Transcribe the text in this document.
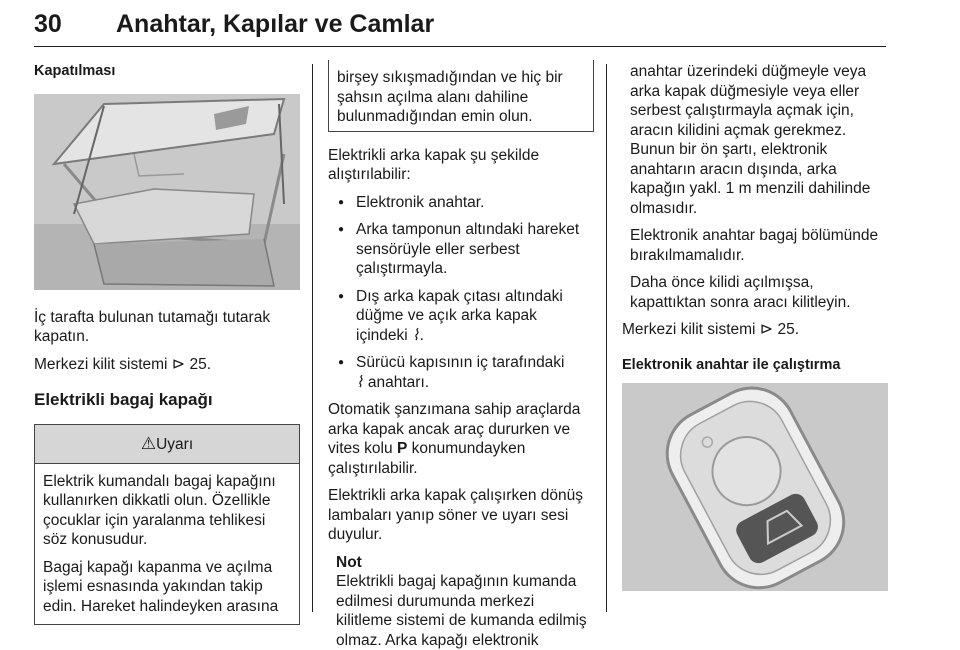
30 Anahtar, Kapılar ve Camlar
Kapatılması

İç tarafta bulunan tutamağı tutarak kapatın.

Merkezi kilit sistemi ⊳ 25.

Elektrikli bagaj kapağı
⚠Uyarı

Elektrik kumandalı bagaj kapağını kullanırken dikkatli olun. Özellikle çocuklar için yaralanma tehlikesi söz konusudur.

Bagaj kapağı kapanma ve açılma işlemi esnasında yakından takip edin. Hareket halindeyken arasına

birşey sıkışmadığından ve hiç bir şahsın açılma alanı dahiline bulunmadığından emin olun.

Elektrikli arka kapak şu şekilde alıştırılabilir:

● Elektronik anahtar.
● Arka tamponun altındaki hareket sensörüyle eller serbest çalıştırmayla.
● Dış arka kapak çıtası altındaki düğme ve açık arka kapak içindeki ⌇.
● Sürücü kapısının iç tarafındaki
⌇ anahtarı.

Otomatik şanzımana sahip araçlarda arka kapak ancak araç dururken ve vites kolu P konumundayken çalıştırılabilir.

Elektrikli arka kapak çalışırken dönüş lambaları yanıp söner ve uyarı sesi duyulur.

Not
Elektrikli bagaj kapağının kumanda edilmesi durumunda merkezi kilitleme sistemi de kumanda edilmiş olmaz. Arka kapağı elektronik

anahtar üzerindeki düğmeyle veya arka kapak düğmesiyle veya eller serbest çalıştırmayla açmak için, aracın kilidini açmak gerekmez. Bunun bir ön şartı, elektronik anahtarın aracın dışında, arka kapağın yakl. 1 m menzili dahilinde olmasıdır.

Elektronik anahtar bagaj bölümünde bırakılmamalıdır.

Daha önce kilidi açılmışsa, kapattıktan sonra aracı kilitleyin.

Merkezi kilit sistemi ⊳ 25.

Elektronik anahtar ile çalıştırma
